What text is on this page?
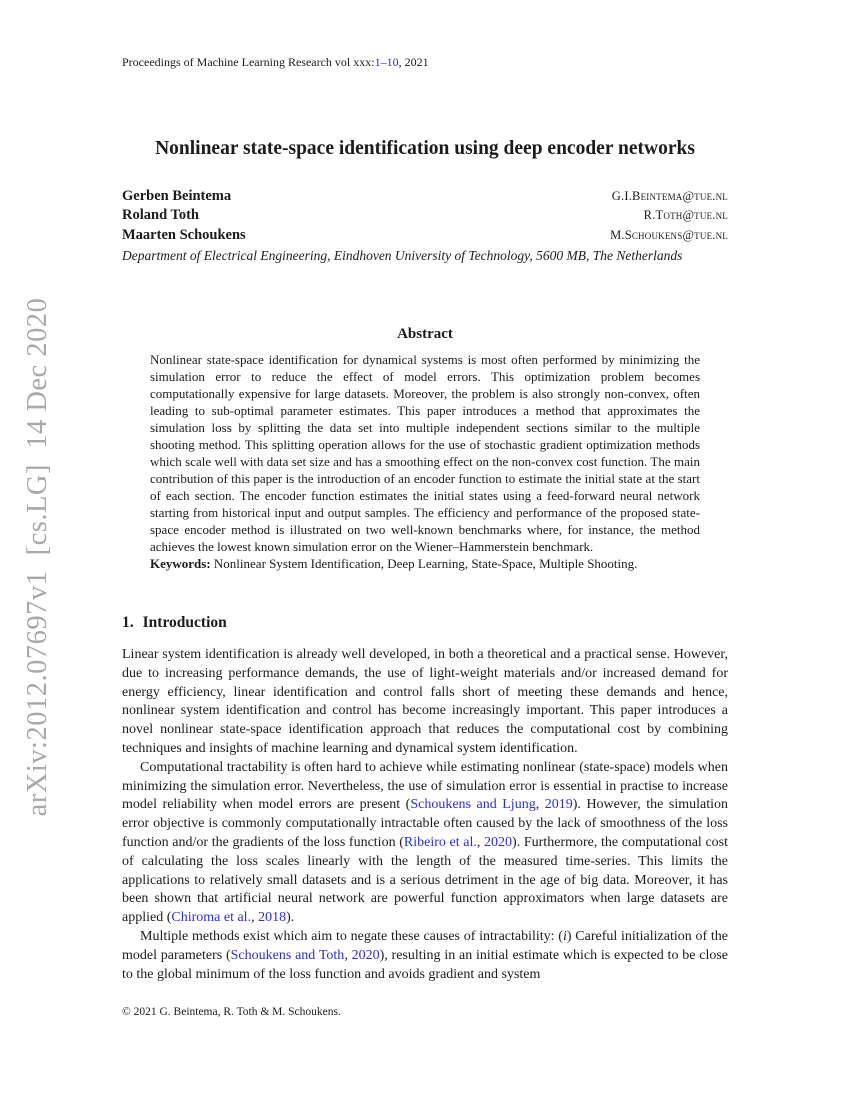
arXiv:2012.07697v1  [cs.LG]  14 Dec 2020
Proceedings of Machine Learning Research vol xxx:1–10, 2021
Nonlinear state-space identification using deep encoder networks
Gerben Beintema	G.I.Beintema@tue.nl
Roland Toth	R.Toth@tue.nl
Maarten Schoukens	M.Schoukens@tue.nl
Department of Electrical Engineering, Eindhoven University of Technology, 5600 MB, The Netherlands
Abstract

Nonlinear state-space identification for dynamical systems is most often performed by minimizing the simulation error to reduce the effect of model errors. This optimization problem becomes computationally expensive for large datasets. Moreover, the problem is also strongly non-convex, often leading to sub-optimal parameter estimates. This paper introduces a method that approximates the simulation loss by splitting the data set into multiple independent sections similar to the multiple shooting method. This splitting operation allows for the use of stochastic gradient optimization methods which scale well with data set size and has a smoothing effect on the non-convex cost function. The main contribution of this paper is the introduction of an encoder function to estimate the initial state at the start of each section. The encoder function estimates the initial states using a feed-forward neural network starting from historical input and output samples. The efficiency and performance of the proposed state-space encoder method is illustrated on two well-known benchmarks where, for instance, the method achieves the lowest known simulation error on the Wiener–Hammerstein benchmark.

Keywords: Nonlinear System Identification, Deep Learning, State-Space, Multiple Shooting.

1. Introduction

Linear system identification is already well developed, in both a theoretical and a practical sense. However, due to increasing performance demands, the use of light-weight materials and/or increased demand for energy efficiency, linear identification and control falls short of meeting these demands and hence, nonlinear system identification and control has become increasingly important. This paper introduces a novel nonlinear state-space identification approach that reduces the computational cost by combining techniques and insights of machine learning and dynamical system identification.

Computational tractability is often hard to achieve while estimating nonlinear (state-space) models when minimizing the simulation error. Nevertheless, the use of simulation error is essential in practise to increase model reliability when model errors are present (Schoukens and Ljung, 2019). However, the simulation error objective is commonly computationally intractable often caused by the lack of smoothness of the loss function and/or the gradients of the loss function (Ribeiro et al., 2020). Furthermore, the computational cost of calculating the loss scales linearly with the length of the measured time-series. This limits the applications to relatively small datasets and is a serious detriment in the age of big data. Moreover, it has been shown that artificial neural network are powerful function approximators when large datasets are applied (Chiroma et al., 2018).

Multiple methods exist which aim to negate these causes of intractability: (i) Careful initialization of the model parameters (Schoukens and Toth, 2020), resulting in an initial estimate which is expected to be close to the global minimum of the loss function and avoids gradient and system

© 2021 G. Beintema, R. Toth & M. Schoukens.
